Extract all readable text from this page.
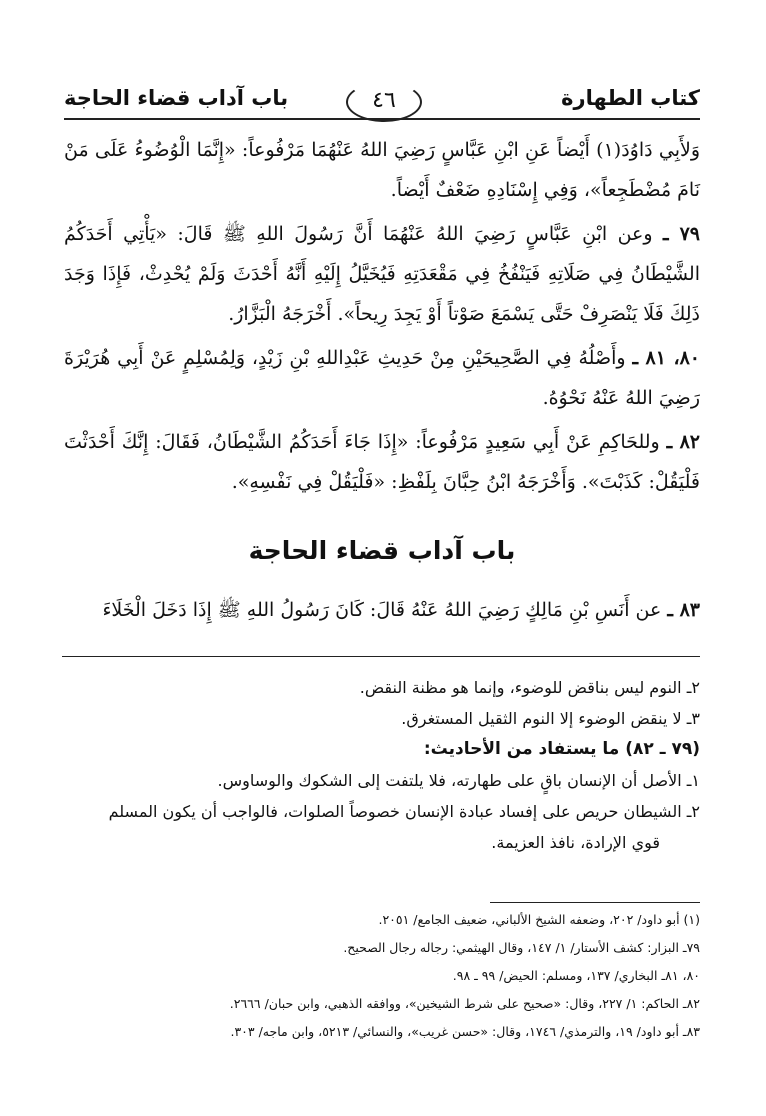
كتاب الطهارة
٤٦
باب آداب قضاء الحاجة

وَلأَبِي دَاوُدَ(١) أَيْضاً عَنِ ابْنِ عَبَّاسٍ رَضِيَ اللهُ عَنْهُمَا مَرْفُوعاً: «إِنَّمَا الْوُضُوءُ عَلَى مَنْ نَامَ مُضْطَجِعاً»، وَفِي إِسْنَادِهِ ضَعْفٌ أَيْضاً.

٧٩ ـ وعن ابْنِ عَبَّاسٍ رَضِيَ اللهُ عَنْهُمَا أَنَّ رَسُولَ اللهِ ﷺ قَالَ: «يَأْتِي أَحَدَكُمُ الشَّيْطَانُ فِي صَلَاتِهِ فَيَنْفُخُ فِي مَقْعَدَتِهِ فَيُخَيَّلُ إِلَيْهِ أَنَّهُ أَحْدَثَ وَلَمْ يُحْدِثْ، فَإِذَا وَجَدَ ذَلِكَ فَلَا يَنْصَرِفْ حَتَّى يَسْمَعَ صَوْتاً أَوْ يَجِدَ رِيحاً». أَخْرَجَهُ الْبَزَّارُ.

٨٠، ٨١ ـ وأَصْلُهُ فِي الصَّحِيحَيْنِ مِنْ حَدِيثِ عَبْدِاللهِ بْنِ زَيْدٍ، وَلِمُسْلِمٍ عَنْ أَبِي هُرَيْرَةَ رَضِيَ اللهُ عَنْهُ نَحْوُهُ.

٨٢ ـ وللحَاكِمِ عَنْ أَبِي سَعِيدٍ مَرْفُوعاً: «إِذَا جَاءَ أَحَدَكُمُ الشَّيْطَانُ، فَقَالَ: إِنَّكَ أَحْدَثْتَ فَلْيَقُلْ: كَذَبْتَ». وَأَخْرَجَهُ ابْنُ حِبَّانَ بِلَفْظِ: «فَلْيَقُلْ فِي نَفْسِهِ».

باب آداب قضاء الحاجة

٨٣ ـ عن أَنَسِ بْنِ مَالِكٍ رَضِيَ اللهُ عَنْهُ قَالَ: كَانَ رَسُولُ اللهِ ﷺ إِذَا دَخَلَ الْخَلَاءَ

٢ـ النوم ليس بناقض للوضوء، وإنما هو مظنة النقض.

٣ـ لا ينقض الوضوء إلا النوم الثقيل المستغرق.

(٧٩ ـ ٨٢) ما يستفاد من الأحاديث:

١ـ الأصل أن الإنسان باقٍ على طهارته، فلا يلتفت إلى الشكوك والوساوس.

٢ـ الشيطان حريص على إفساد عبادة الإنسان خصوصاً الصلوات، فالواجب أن يكون المسلم

قوي الإرادة، نافذ العزيمة.

(١) أبو داود/ ٢٠٢، وضعفه الشيخ الألباني، ضعيف الجامع/ ٢٠٥١.

٧٩ـ البزار: كشف الأستار/ ١/ ١٤٧، وقال الهيثمي: رجاله رجال الصحيح.

٨٠، ٨١ـ البخاري/ ١٣٧، ومسلم: الحيض/ ٩٩ ـ ٩٨.

٨٢ـ الحاكم: ١/ ٢٢٧، وقال: «صحيح على شرط الشيخين»، ووافقه الذهبي، وابن حبان/ ٢٦٦٦.

٨٣ـ أبو داود/ ١٩، والترمذي/ ١٧٤٦، وقال: «حسن غريب»، والنسائي/ ٥٢١٣، وابن ماجه/ ٣٠٣.
